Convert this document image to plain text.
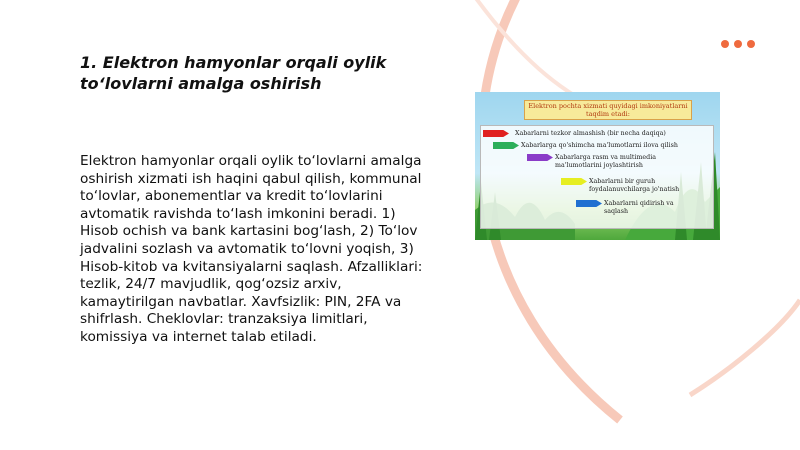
1. Elektron hamyonlar orqali oylik to‘lovlarni amalga oshirish

Elektron hamyonlar orqali oylik to‘lovlarni amalga oshirish xizmati ish haqini qabul qilish, kommunal to‘lovlar, abonementlar va kredit to‘lovlarini avtomatik ravishda to‘lash imkonini beradi. 1) Hisob ochish va bank kartasini bog‘lash, 2) To‘lov jadvalini sozlash va avtomatik to‘lovni yoqish, 3) Hisob-kitob va kvitansiyalarni saqlash. Afzalliklari: tezlik, 24/7 mavjudlik, qog‘ozsiz arxiv, kamaytirilgan navbatlar. Xavfsizlik: PIN, 2FA va shifrlash. Cheklovlar: tranzaksiya limitlari, komissiya va internet talab etiladi.

Elektron pochta xizmati quyidagi imkoniyatlarni taqdim etadi:
Xabarlarni tezkor almashish (bir necha daqiqa)
Xabarlarga qo'shimcha ma'lumotlarni ilova qilish
Xabarlarga rasm va multimedia ma'lumotlarini joylashtirish
Xabarlarni bir guruh foydalanuvchilarga jo'natish
Xabarlarni qidirish va saqlash
